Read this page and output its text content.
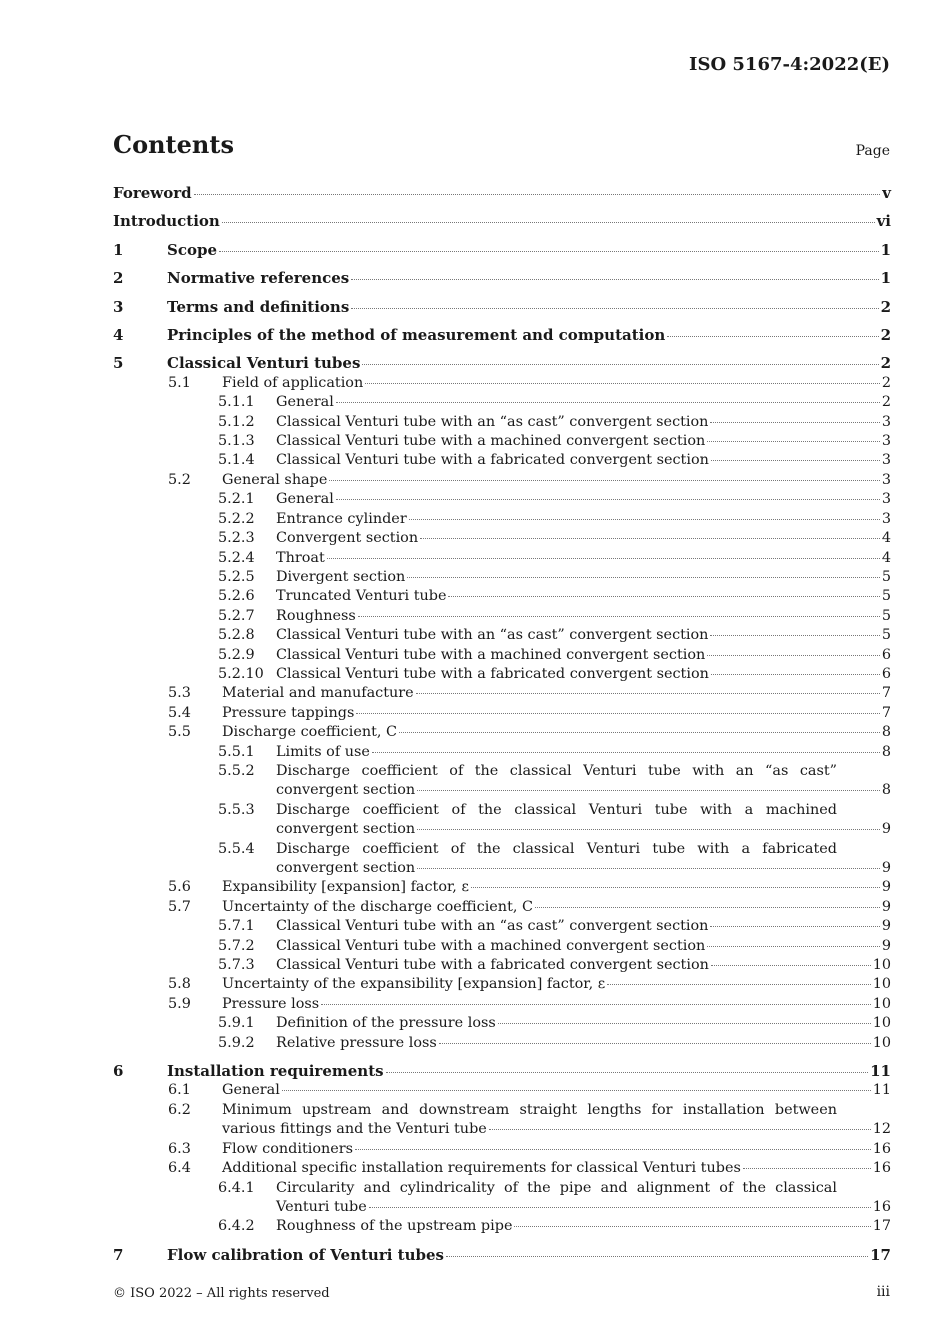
ISO 5167-4:2022(E)
Contents	Page
Foreword	v
Introduction	vi
1	Scope	1
2	Normative references	1
3	Terms and definitions	2
4	Principles of the method of measurement and computation	2
5	Classical Venturi tubes	2
5.1 Field of application	2
5.1.1 General	2
5.1.2 Classical Venturi tube with an “as cast” convergent section	3
5.1.3 Classical Venturi tube with a machined convergent section	3
5.1.4 Classical Venturi tube with a fabricated convergent section	3
5.2 General shape	3
5.2.1 General	3
5.2.2 Entrance cylinder	3
5.2.3 Convergent section	4
5.2.4 Throat	4
5.2.5 Divergent section	5
5.2.6 Truncated Venturi tube	5
5.2.7 Roughness	5
5.2.8 Classical Venturi tube with an “as cast” convergent section	5
5.2.9 Classical Venturi tube with a machined convergent section	6
5.2.10 Classical Venturi tube with a fabricated convergent section	6
5.3 Material and manufacture	7
5.4 Pressure tappings	7
5.5 Discharge coefficient, C	8
5.5.1 Limits of use	8
5.5.2 Discharge coefficient of the classical Venturi tube with an “as cast”
convergent section	8
5.5.3 Discharge coefficient of the classical Venturi tube with a machined
convergent section	9
5.5.4 Discharge coefficient of the classical Venturi tube with a fabricated
convergent section	9
5.6 Expansibility [expansion] factor, ε	9
5.7 Uncertainty of the discharge coefficient, C	9
5.7.1 Classical Venturi tube with an “as cast” convergent section	9
5.7.2 Classical Venturi tube with a machined convergent section	9
5.7.3 Classical Venturi tube with a fabricated convergent section	10
5.8 Uncertainty of the expansibility [expansion] factor, ε	10
5.9 Pressure loss	10
5.9.1 Definition of the pressure loss	10
5.9.2 Relative pressure loss	10
6	Installation requirements	11
6.1 General	11
6.2 Minimum upstream and downstream straight lengths for installation between
various fittings and the Venturi tube	12
6.3 Flow conditioners	16
6.4 Additional specific installation requirements for classical Venturi tubes	16
6.4.1 Circularity and cylindricality of the pipe and alignment of the classical
Venturi tube	16
6.4.2 Roughness of the upstream pipe	17
7	Flow calibration of Venturi tubes	17
© ISO 2022 – All rights reserved	iii
